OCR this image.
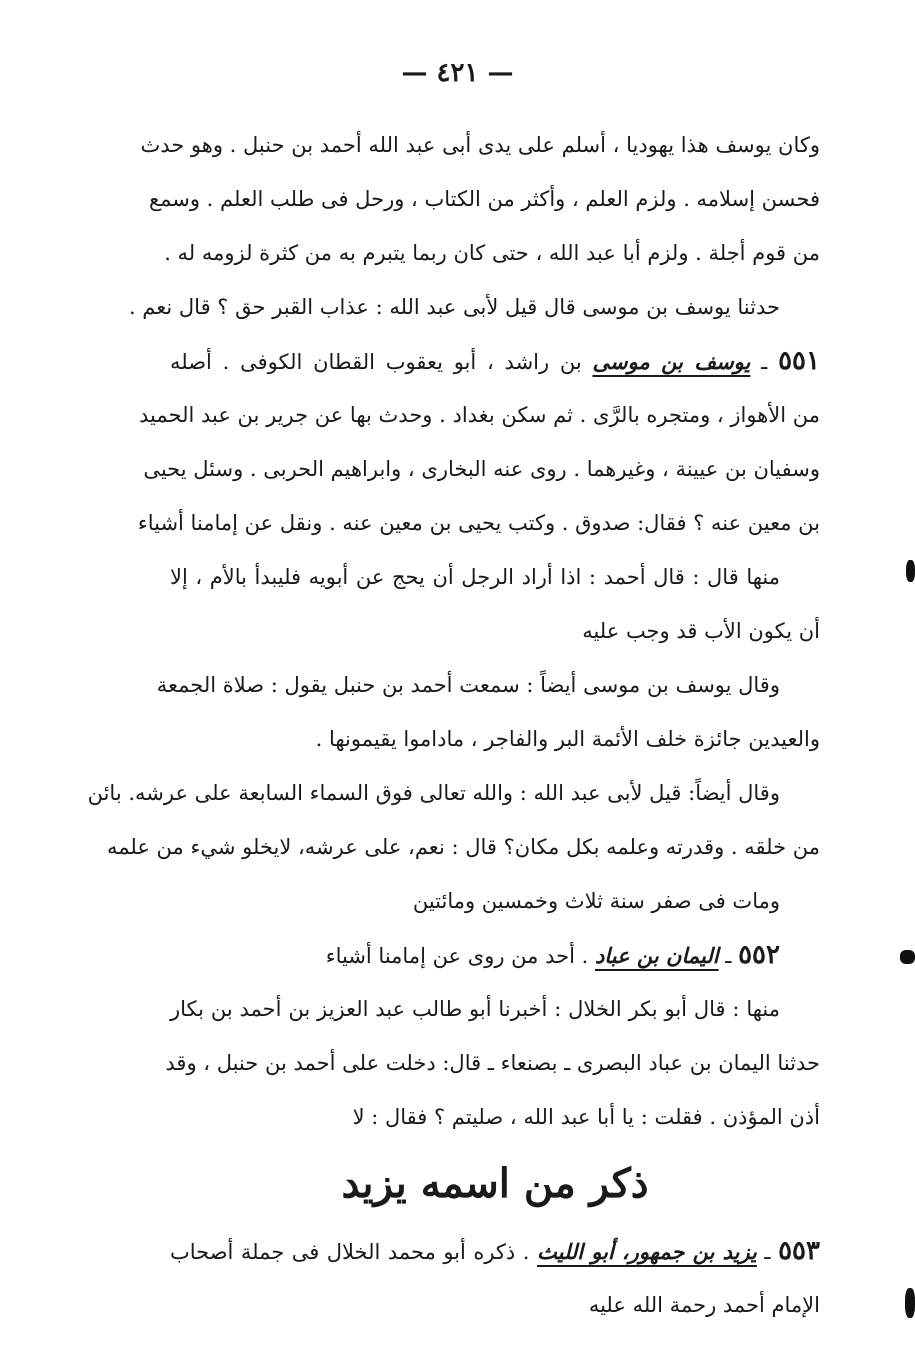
— ٤٢١ —
وكان يوسف هذا يهوديا ، أسلم على يدى أبى عبد الله أحمد بن حنبل . وهو حدث
فحسن إسلامه . ولزم العلم ، وأكثر من الكتاب ، ورحل فى طلب العلم . وسمع
من قوم أجلة . ولزم أبا عبد الله ، حتى كان ربما يتبرم به من كثرة لزومه له .
حدثنا يوسف بن موسى قال قيل لأبى عبد الله : عذاب القبر حق ؟ قال نعم .
٥٥١ ـ يوسف بن موسى بن راشد ، أبو يعقوب القطان الكوفى . أصله
من الأهواز ، ومتجره بالرَّى . ثم سكن بغداد . وحدث بها عن جرير بن عبد الحميد
وسفيان بن عيينة ، وغيرهما . روى عنه البخارى ، وابراهيم الحربى . وسئل يحيى
بن معين عنه ؟ فقال: صدوق . وكتب يحيى بن معين عنه . ونقل عن إمامنا أشياء
منها قال : قال أحمد : اذا أراد الرجل أن يحج عن أبويه فليبدأ بالأم ، إلا
أن يكون الأب قد وجب عليه
وقال يوسف بن موسى أيضاً : سمعت أحمد بن حنبل يقول : صلاة الجمعة
والعيدين جائزة خلف الأئمة البر والفاجر ، ماداموا يقيمونها .
وقال أيضاً: قيل لأبى عبد الله : والله تعالى فوق السماء السابعة على عرشه. بائن
من خلقه . وقدرته وعلمه بكل مكان؟ قال : نعم، على عرشه، لايخلو شيء من علمه
ومات فى صفر سنة ثلاث وخمسين ومائتين
٥٥٢ ـ اليمان بن عباد . أحد من روى عن إمامنا أشياء
منها : قال أبو بكر الخلال : أخبرنا أبو طالب عبد العزيز بن أحمد بن بكار
حدثنا اليمان بن عباد البصرى ـ بصنعاء ـ قال: دخلت على أحمد بن حنبل ، وقد
أذن المؤذن . فقلت : يا أبا عبد الله ، صليتم ؟ فقال : لا
ذكر من اسمه يزيد
٥٥٣ ـ يزيد بن جمهور، أبو الليث . ذكره أبو محمد الخلال فى جملة أصحاب
الإمام أحمد رحمة الله عليه
